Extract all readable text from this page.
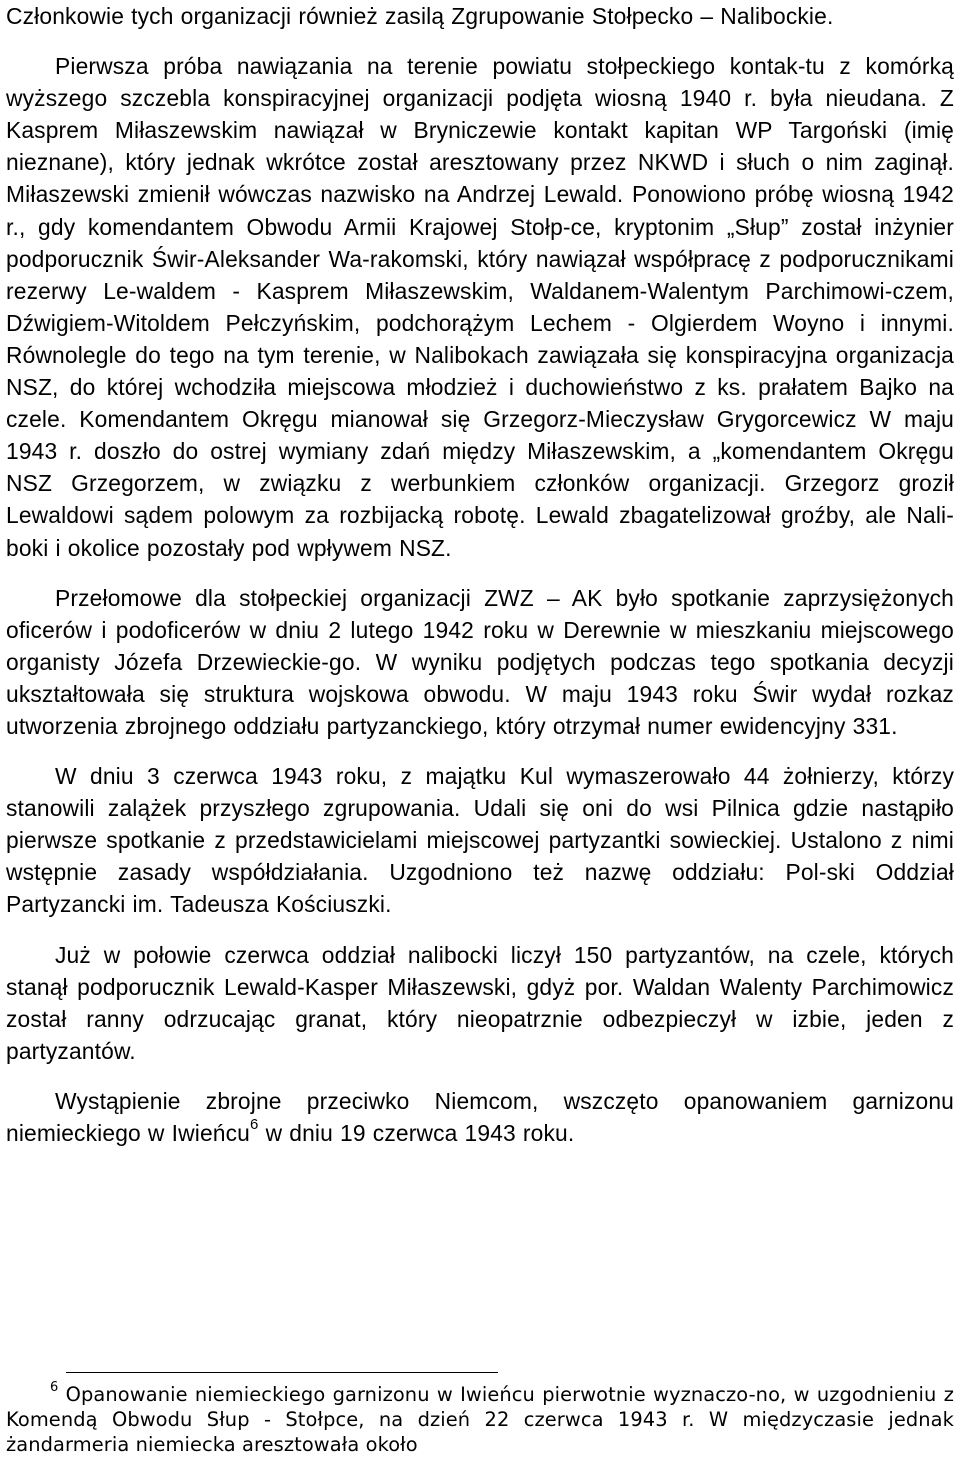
Członkowie tych organizacji również zasilą Zgrupowanie Stołpecko – Nalibockie.

Pierwsza próba nawiązania na terenie powiatu stołpeckiego kontak-tu z komórką wyższego szczebla konspiracyjnej organizacji podjęta wiosną 1940 r. była nieudana. Z Kasprem Miłaszewskim nawiązał w Bryniczewie kontakt kapitan WP Targoński (imię nieznane), który jednak wkrótce został aresztowany przez NKWD i słuch o nim zaginął. Miłaszewski zmienił wówczas nazwisko na Andrzej Lewald. Ponowiono próbę wiosną 1942 r., gdy komendantem Obwodu Armii Krajowej Stołp-ce, kryptonim „Słup” został inżynier podporucznik Świr-Aleksander Wa-rakomski, który nawiązał współpracę z podporucznikami rezerwy Le-waldem - Kasprem Miłaszewskim, Waldanem-Walentym Parchimowi-czem, Dźwigiem-Witoldem Pełczyńskim, podchorążym Lechem - Olgierdem Woyno i innymi. Równolegle do tego na tym terenie, w Nalibokach zawiązała się konspiracyjna organizacja NSZ, do której wchodziła miejscowa młodzież i duchowieństwo z ks. prałatem Bajko na czele. Komendantem Okręgu mianował się Grzegorz-Mieczysław Grygorcewicz W maju 1943 r. doszło do ostrej wymiany zdań między Miłaszewskim, a „komendantem Okręgu NSZ Grzegorzem, w związku z werbunkiem członków organizacji. Grzegorz groził Lewaldowi sądem polowym za rozbijacką robotę. Lewald zbagatelizował groźby, ale Nali-boki i okolice pozostały pod wpływem NSZ.

Przełomowe dla stołpeckiej organizacji ZWZ – AK było spotkanie zaprzysiężonych oficerów i podoficerów w dniu 2 lutego 1942 roku w Derewnie w mieszkaniu miejscowego organisty Józefa Drzewieckie-go. W wyniku podjętych podczas tego spotkania decyzji ukształtowała się struktura wojskowa obwodu. W maju 1943 roku Świr wydał rozkaz utworzenia zbrojnego oddziału partyzanckiego, który otrzymał numer ewidencyjny 331.

W dniu 3 czerwca 1943 roku, z majątku Kul wymaszerowało 44 żołnierzy, którzy stanowili zalążek przyszłego zgrupowania. Udali się oni do wsi Pilnica gdzie nastąpiło pierwsze spotkanie z przedstawicielami miejscowej partyzantki sowieckiej. Ustalono z nimi wstępnie zasady współdziałania. Uzgodniono też nazwę oddziału: Pol-ski Oddział Partyzancki im. Tadeusza Kościuszki.

Już w połowie czerwca oddział nalibocki liczył 150 partyzantów, na czele, których stanął podporucznik Lewald-Kasper Miłaszewski, gdyż por. Waldan Walenty Parchimowicz został ranny odrzucając granat, który nieopatrznie odbezpieczył w izbie, jeden z partyzantów.

Wystąpienie zbrojne przeciwko Niemcom, wszczęto opanowaniem garnizonu niemieckiego w Iwieńcu$^6$ w dniu 19 czerwca 1943 roku.

$^6$ Opanowanie niemieckiego garnizonu w Iwieńcu pierwotnie wyznaczo-no, w uzgodnieniu z Komendą Obwodu Słup - Stołpce, na dzień 22 czerwca 1943 r. W międzyczasie jednak żandarmeria niemiecka aresztowała około
